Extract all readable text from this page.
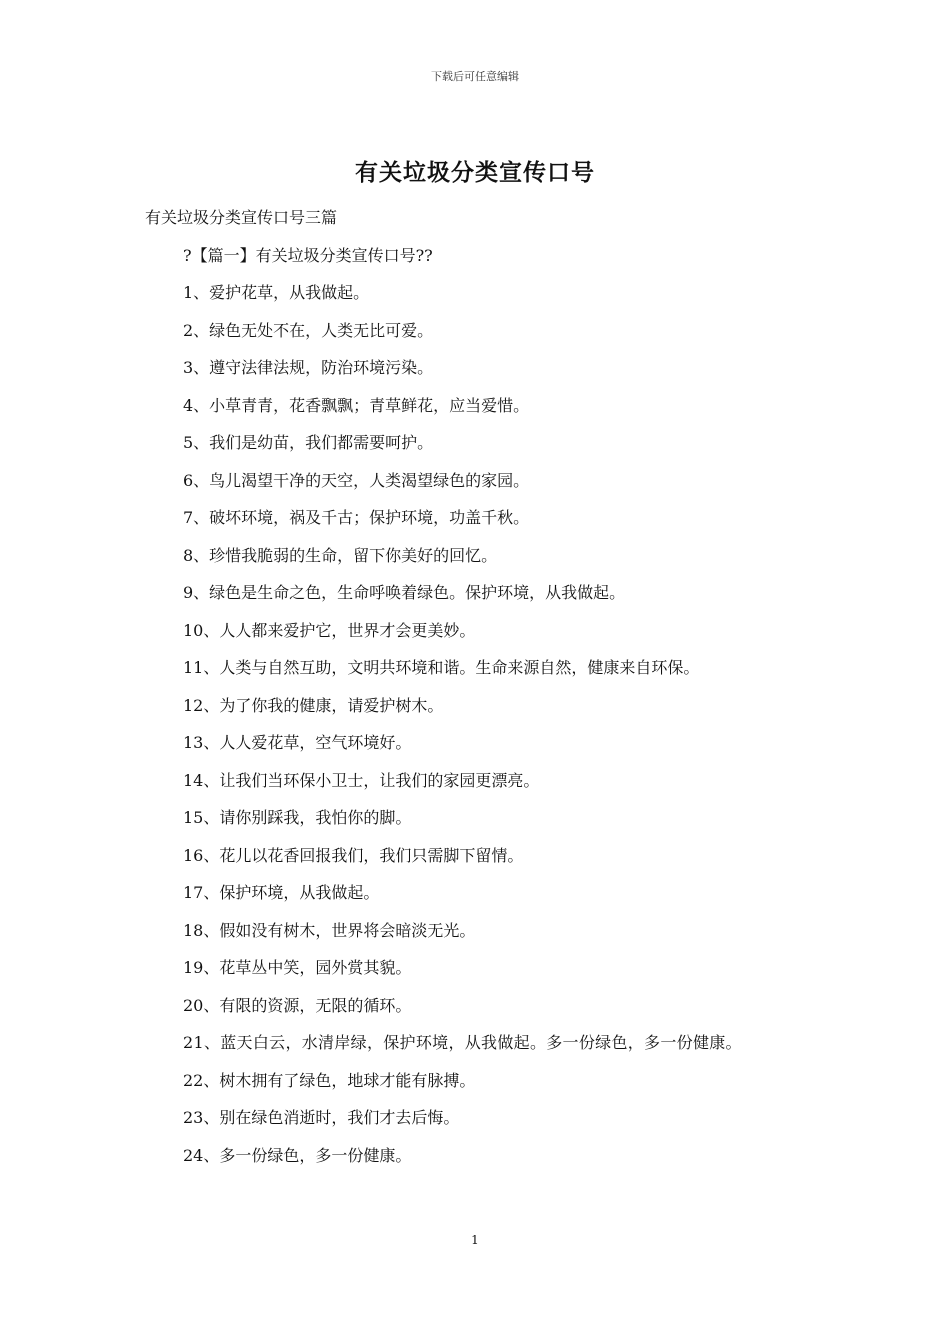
下载后可任意编辑
有关垃圾分类宣传口号
有关垃圾分类宣传口号三篇
?【篇一】有关垃圾分类宣传口号??
1、爱护花草，从我做起。
2、绿色无处不在，人类无比可爱。
3、遵守法律法规，防治环境污染。
4、小草青青，花香飘飘；青草鲜花，应当爱惜。
5、我们是幼苗，我们都需要呵护。
6、鸟儿渴望干净的天空，人类渴望绿色的家园。
7、破坏环境，祸及千古；保护环境，功盖千秋。
8、珍惜我脆弱的生命，留下你美好的回忆。
9、绿色是生命之色，生命呼唤着绿色。保护环境，从我做起。
10、人人都来爱护它，世界才会更美妙。
11、人类与自然互助，文明共环境和谐。生命来源自然，健康来自环保。
12、为了你我的健康，请爱护树木。
13、人人爱花草，空气环境好。
14、让我们当环保小卫士，让我们的家园更漂亮。
15、请你别踩我，我怕你的脚。
16、花儿以花香回报我们，我们只需脚下留情。
17、保护环境，从我做起。
18、假如没有树木，世界将会暗淡无光。
19、花草丛中笑，园外赏其貌。
20、有限的资源，无限的循环。
21、蓝天白云，水清岸绿，保护环境，从我做起。多一份绿色，多一份健康。
22、树木拥有了绿色，地球才能有脉搏。
23、别在绿色消逝时，我们才去后悔。
24、多一份绿色，多一份健康。
1
